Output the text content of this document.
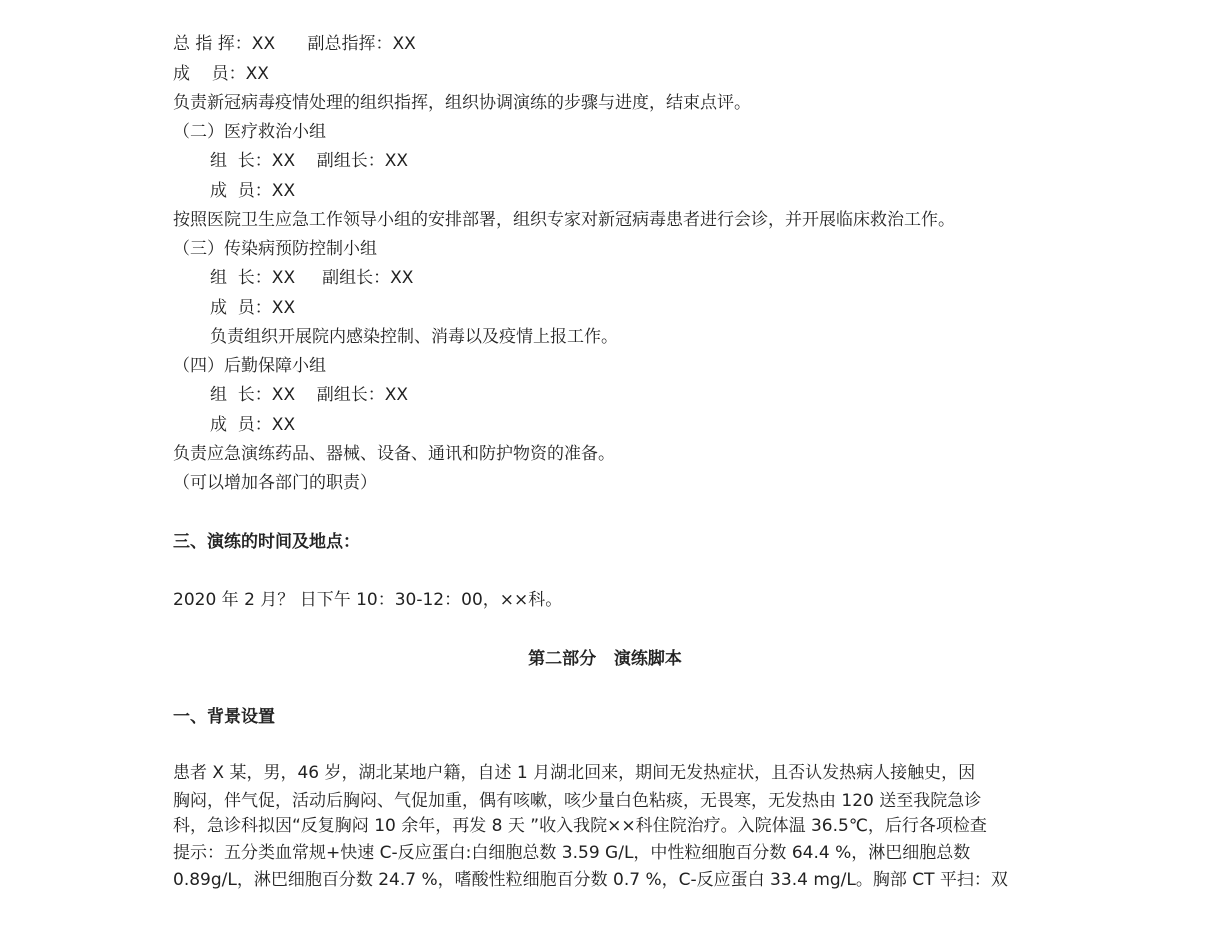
总 指 挥：XX      副总指挥：XX
成    员：XX
负责新冠病毒疫情处理的组织指挥，组织协调演练的步骤与进度，结束点评。
（二）医疗救治小组
组  长：XX    副组长：XX
成  员：XX
按照医院卫生应急工作领导小组的安排部署，组织专家对新冠病毒患者进行会诊，并开展临床救治工作。
（三）传染病预防控制小组
组  长：XX     副组长：XX
成  员：XX
负责组织开展院内感染控制、消毒以及疫情上报工作。
（四）后勤保障小组
组  长：XX    副组长：XX
成  员：XX
负责应急演练药品、器械、设备、通讯和防护物资的准备。
（可以增加各部门的职责）
三、演练的时间及地点：
2020 年 2 月？ 日下午 10：30-12：00，××科。
第二部分   演练脚本
一、背景设置
患者 X 某，男，46 岁，湖北某地户籍，自述 1 月湖北回来，期间无发热症状，且否认发热病人接触史，因
胸闷，伴气促，活动后胸闷、气促加重，偶有咳嗽，咳少量白色粘痰，无畏寒，无发热由 120 送至我院急诊
科，急诊科拟因“反复胸闷 10 余年，再发 8 天 ”收入我院××科住院治疗。入院体温 36.5℃，后行各项检查
提示：五分类血常规+快速 C-反应蛋白:白细胞总数 3.59 G/L，中性粒细胞百分数 64.4 %，淋巴细胞总数
0.89g/L，淋巴细胞百分数 24.7 %，嗜酸性粒细胞百分数 0.7 %，C-反应蛋白 33.4 mg/L。胸部 CT 平扫：双
